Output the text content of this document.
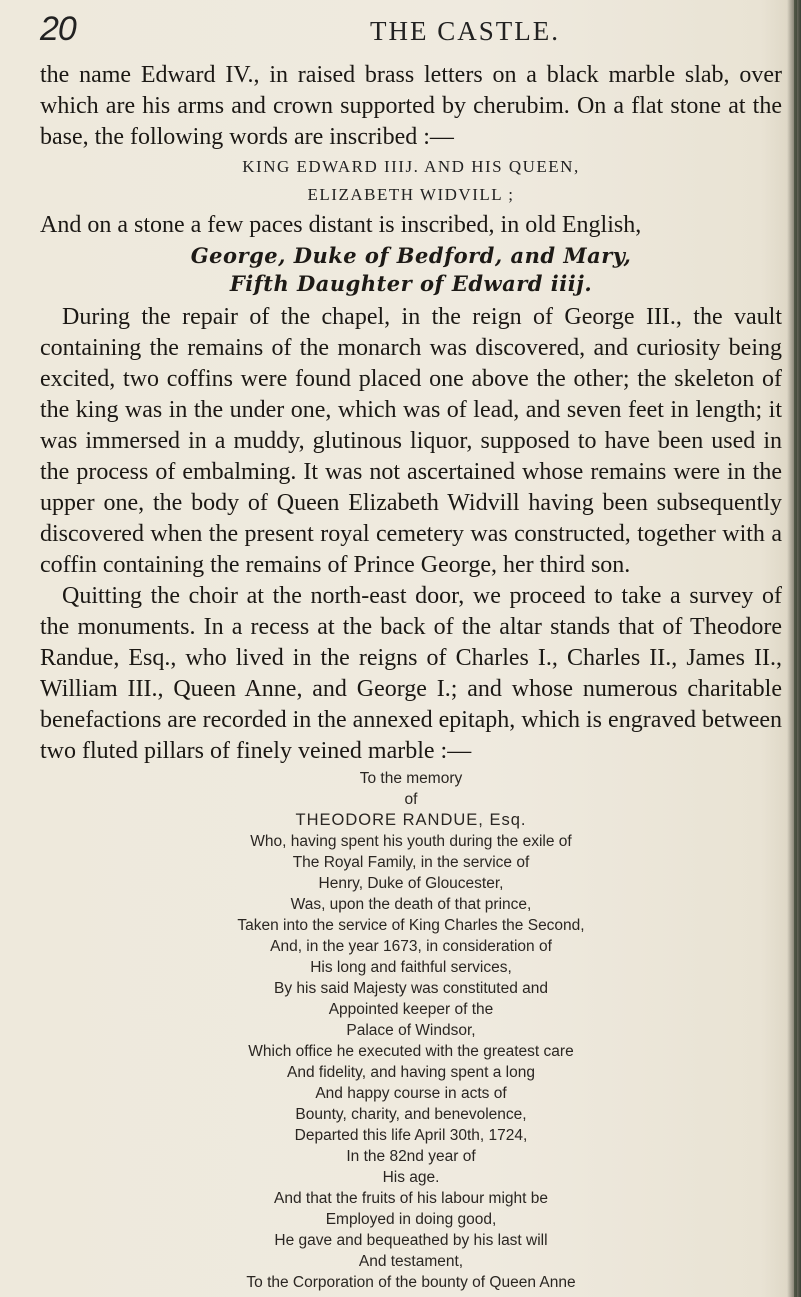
20	THE CASTLE.

the name Edward IV., in raised brass letters on a black marble slab, over which are his arms and crown supported by cherubim. On a flat stone at the base, the following words are inscribed :—

KING EDWARD IIIJ. AND HIS QUEEN,
ELIZABETH WIDVILL ;

And on a stone a few paces distant is inscribed, in old English,

George, Duke of Bedford, and Mary,
Fifth Daughter of Edward iiij.

During the repair of the chapel, in the reign of George III., the vault containing the remains of the monarch was discovered, and curiosity being excited, two coffins were found placed one above the other; the skeleton of the king was in the under one, which was of lead, and seven feet in length; it was immersed in a muddy, glutinous liquor, supposed to have been used in the process of embalming. It was not ascertained whose remains were in the upper one, the body of Queen Elizabeth Widvill having been subsequently discovered when the present royal cemetery was constructed, together with a coffin containing the remains of Prince George, her third son.

Quitting the choir at the north-east door, we proceed to take a survey of the monuments. In a recess at the back of the altar stands that of Theodore Randue, Esq., who lived in the reigns of Charles I., Charles II., James II., William III., Queen Anne, and George I.; and whose numerous charitable benefactions are recorded in the annexed epitaph, which is engraved between two fluted pillars of finely veined marble :—

To the memory
of
THEODORE RANDUE, Esq.
Who, having spent his youth during the exile of
The Royal Family, in the service of
Henry, Duke of Gloucester,
Was, upon the death of that prince,
Taken into the service of King Charles the Second,
And, in the year 1673, in consideration of
His long and faithful services,
By his said Majesty was constituted and
Appointed keeper of the
Palace of Windsor,
Which office he executed with the greatest care
And fidelity, and having spent a long
And happy course in acts of
Bounty, charity, and benevolence,
Departed this life April 30th, 1724,
In the 82nd year of
His age.
And that the fruits of his labour might be
Employed in doing good,
He gave and bequeathed by his last will
And testament,
To the Corporation of the bounty of Queen Anne
